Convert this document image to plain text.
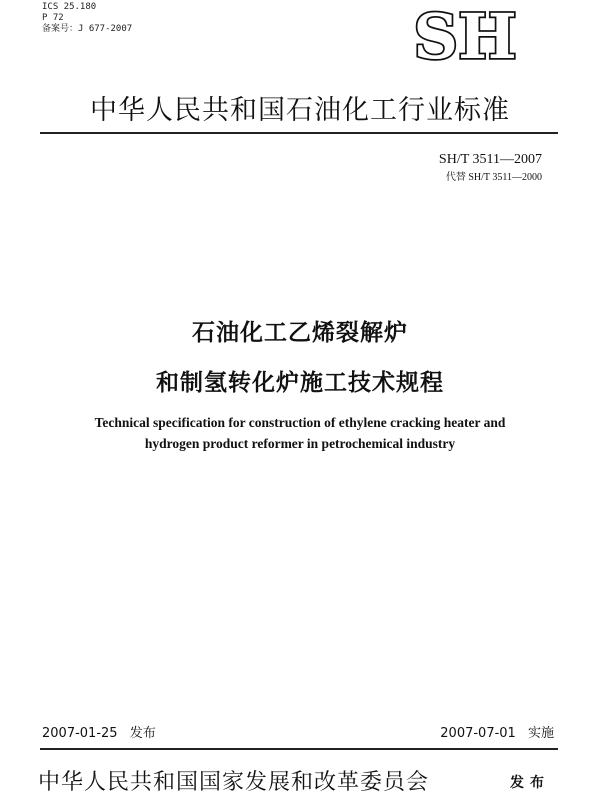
ICS 25.180
P 72
备案号：J 677-2007	SH
中华人民共和国石油化工行业标准
SH/T 3511—2007
代替 SH/T 3511—2000
石油化工乙烯裂解炉
和制氢转化炉施工技术规程
Technical specification for construction of ethylene cracking heater and
hydrogen product reformer in petrochemical industry
2007-01-25 发布	2007-07-01 实施
中华人民共和国国家发展和改革委员会	发布
